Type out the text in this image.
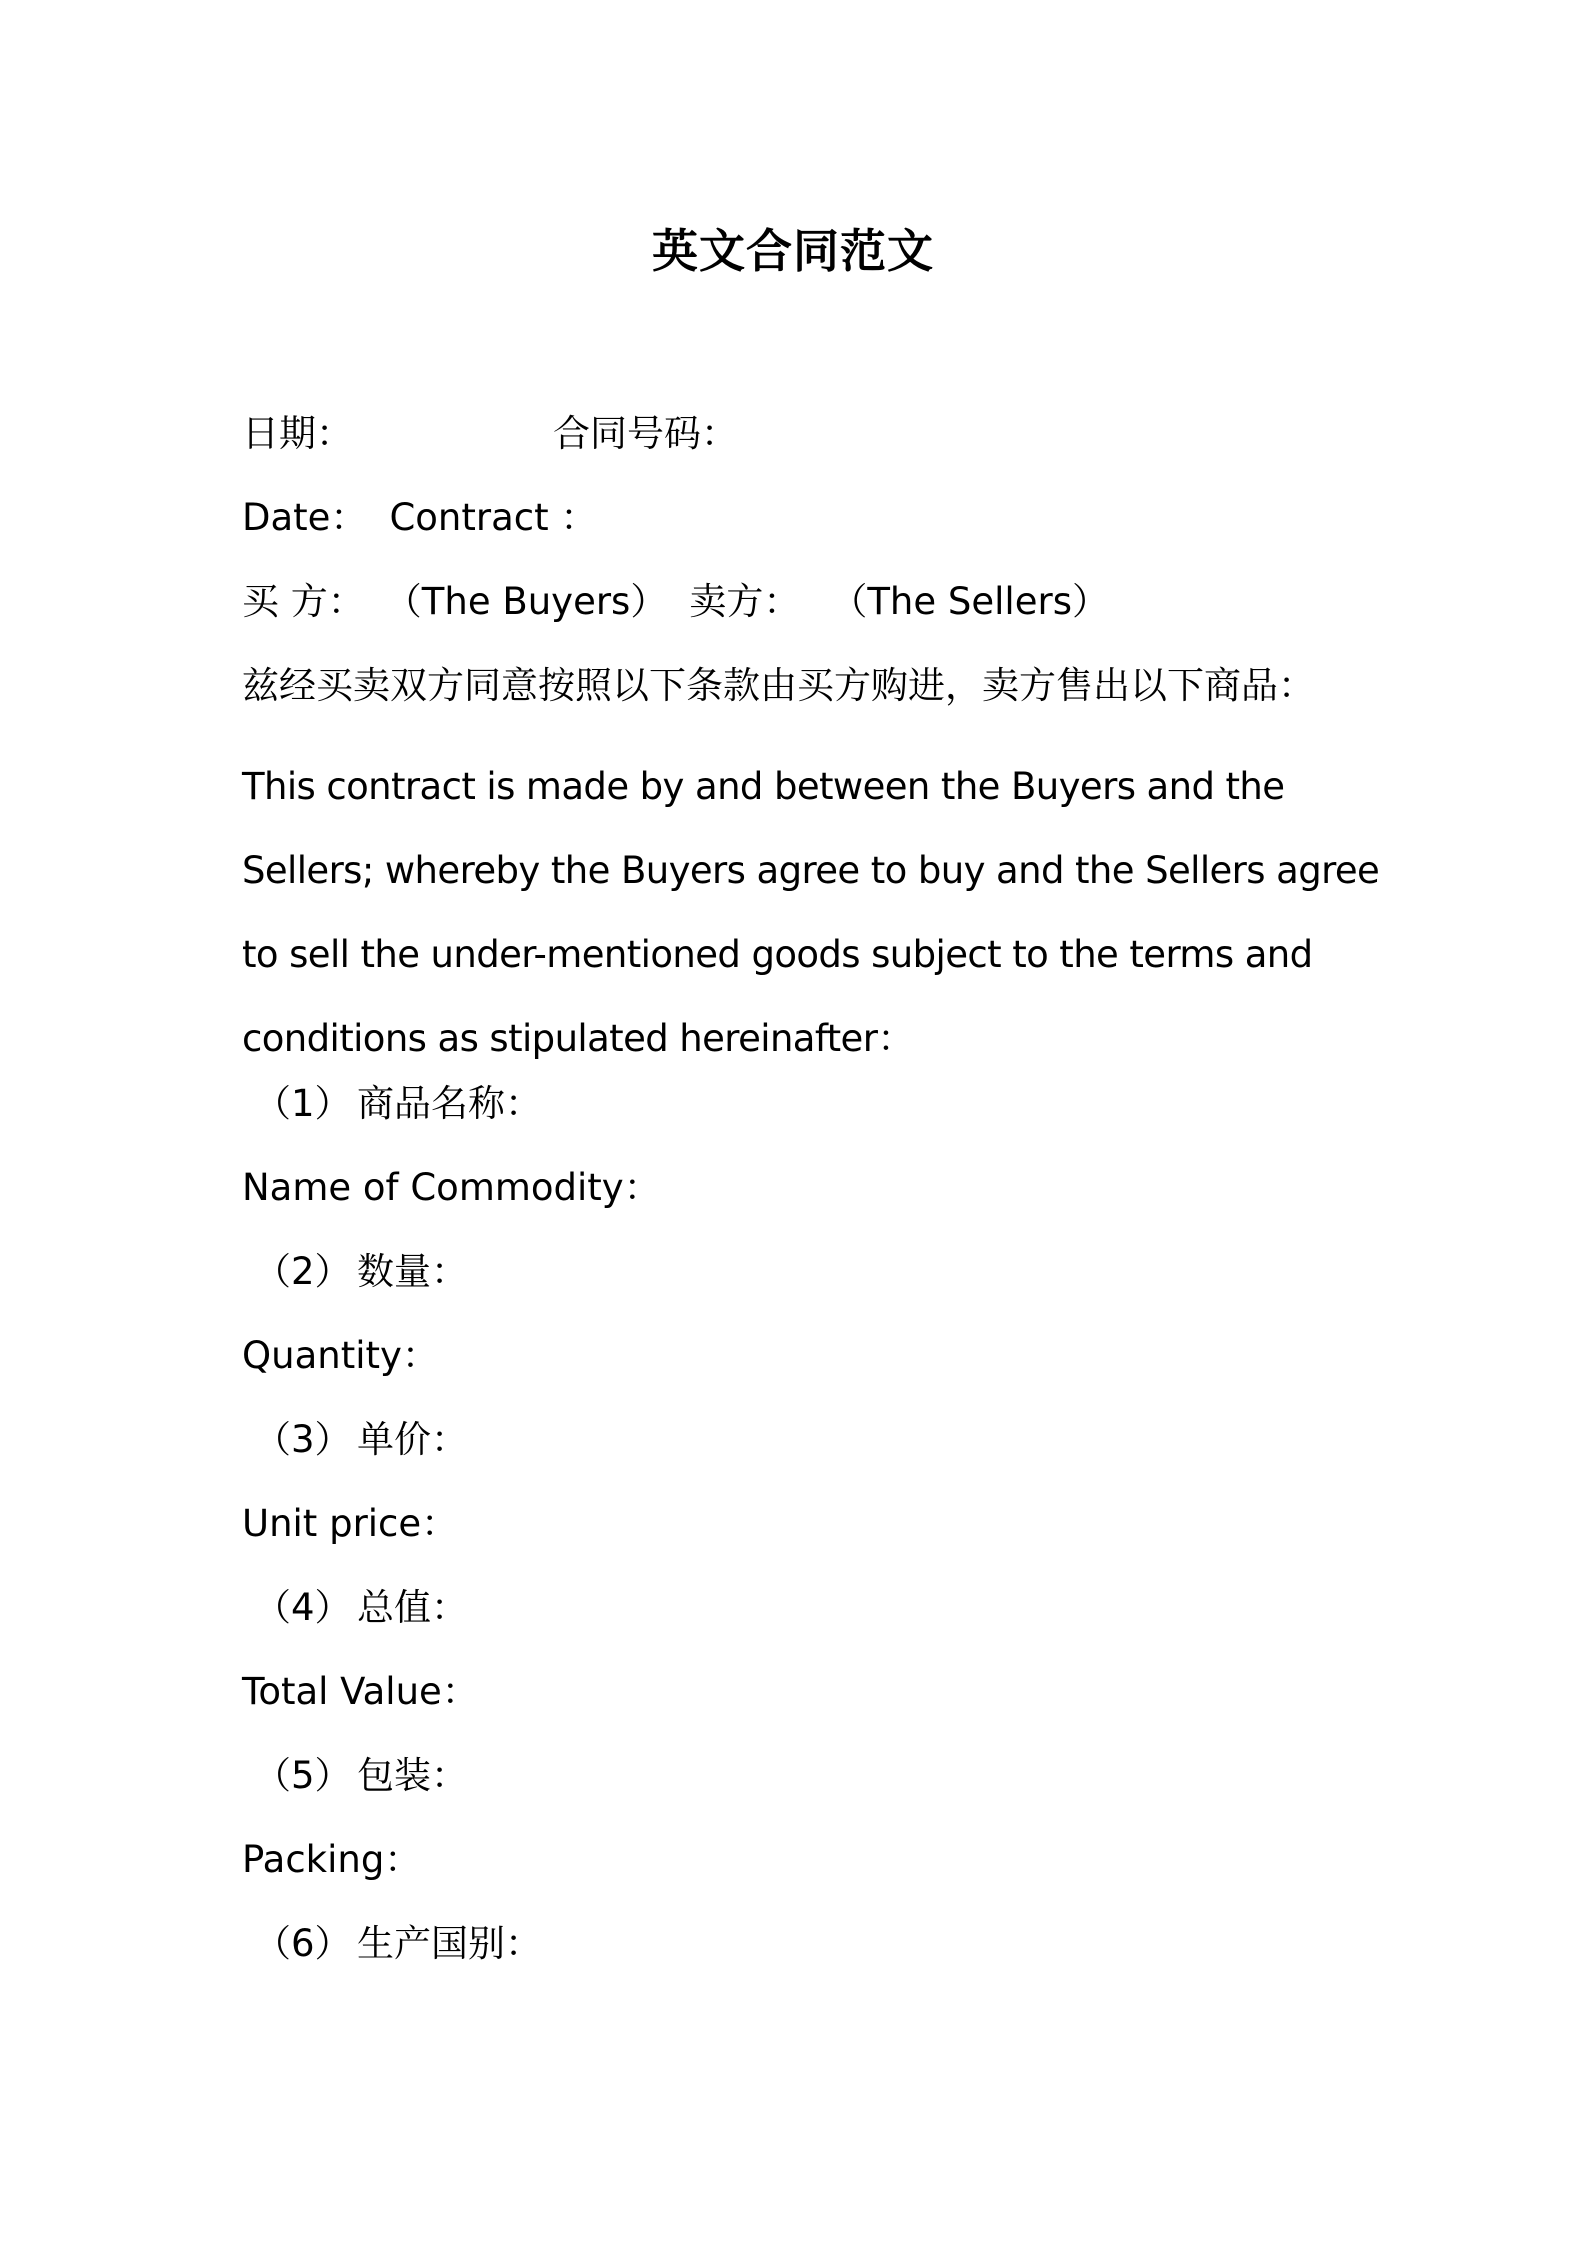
英文合同范文

日期：	合同号码：

Date： Contract ：

买 方： （The Buyers） 卖方： （The Sellers）

兹经买卖双方同意按照以下条款由买方购进，卖方售出以下商品：

This contract is made by and between the Buyers and the Sellers; whereby the Buyers agree to buy and the Sellers agree to sell the under-mentioned goods subject to the terms and conditions as stipulated hereinafter：

（1） 商品名称：

Name of Commodity：

（2） 数量：

Quantity：

（3） 单价：

Unit price：

（4） 总值：

Total Value：

（5） 包装：

Packing：

（6） 生产国别：
